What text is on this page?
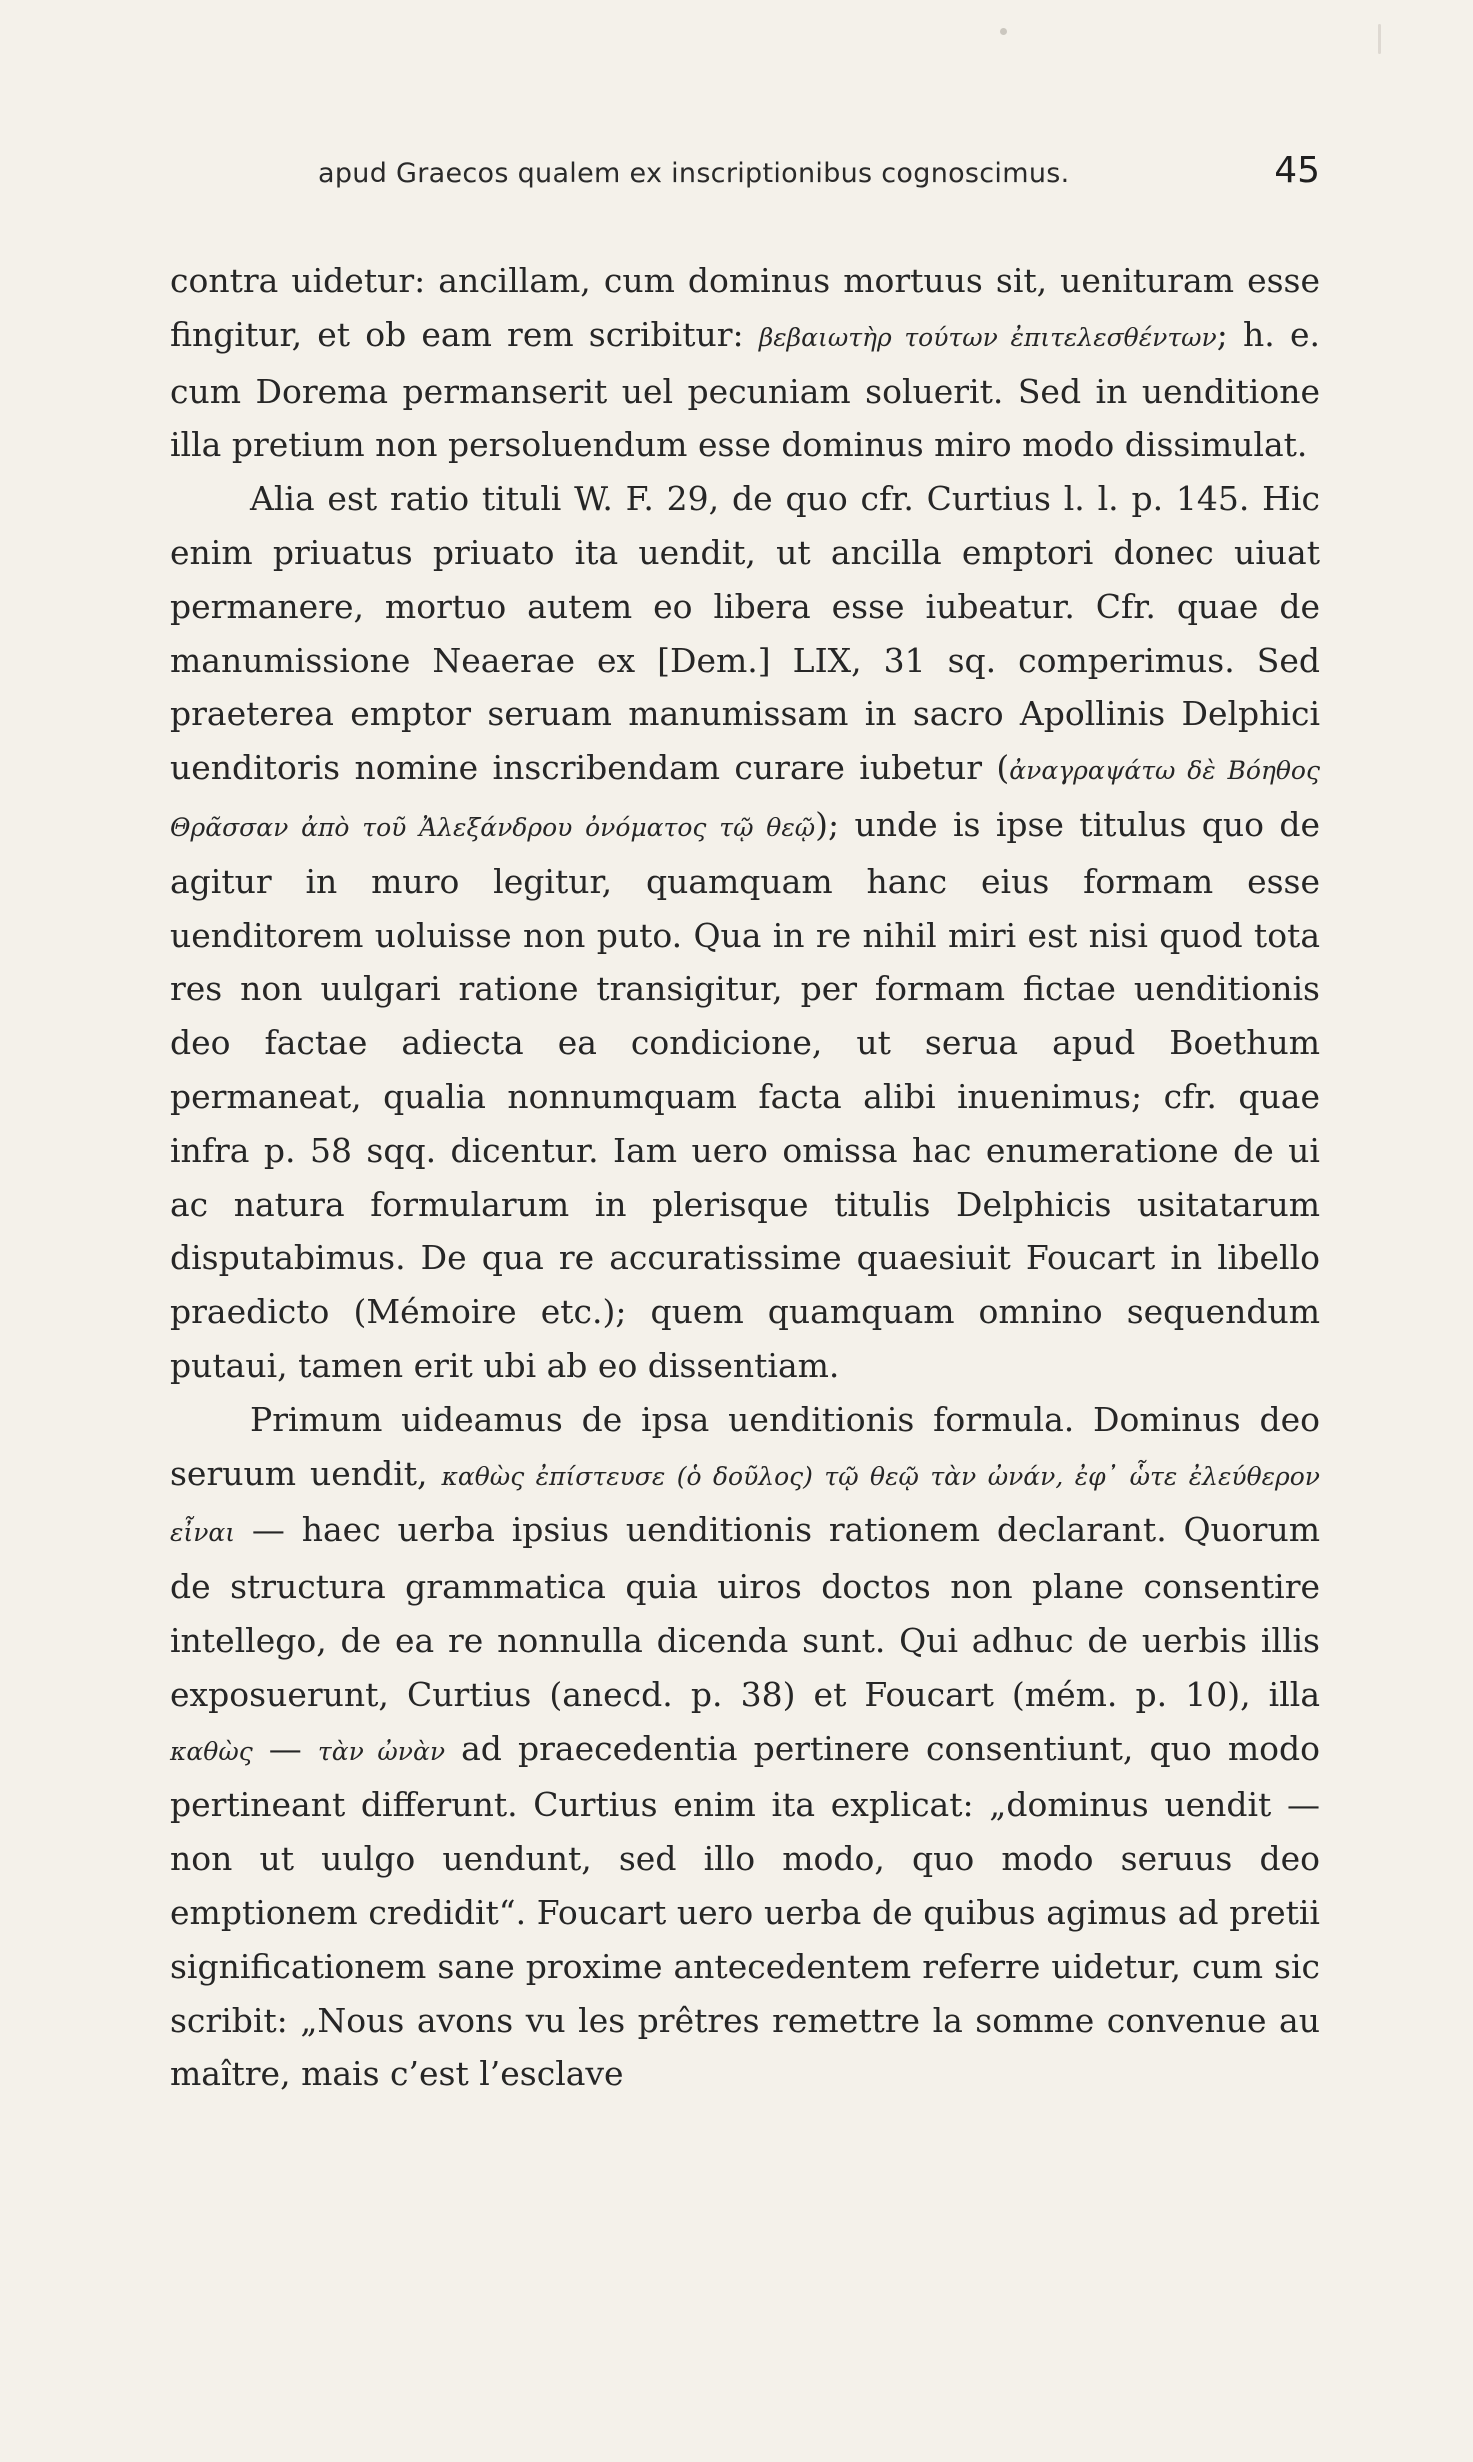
apud Graecos qualem ex inscriptionibus cognoscimus.	45

contra uidetur: ancillam, cum dominus mortuus sit, uenituram esse fingitur, et ob eam rem scribitur: βεβαιωτὴρ τούτων ἐπιτελεσθέντων; h. e. cum Dorema permanserit uel pecuniam soluerit. Sed in uenditione illa pretium non persoluendum esse dominus miro modo dissimulat.

Alia est ratio tituli W. F. 29, de quo cfr. Curtius l. l. p. 145. Hic enim priuatus priuato ita uendit, ut ancilla emptori donec uiuat permanere, mortuo autem eo libera esse iubeatur. Cfr. quae de manumissione Neaerae ex [Dem.] LIX, 31 sq. comperimus. Sed praeterea emptor seruam manumissam in sacro Apollinis Delphici uenditoris nomine inscribendam curare iubetur (ἀναγραψάτω δὲ Βόηθος Θρᾶσσαν ἀπὸ τοῦ Ἀλεξάνδρου ὀνόματος τῷ θεῷ); unde is ipse titulus quo de agitur in muro legitur, quamquam hanc eius formam esse uenditorem uoluisse non puto. Qua in re nihil miri est nisi quod tota res non uulgari ratione transigitur, per formam fictae uenditionis deo factae adiecta ea condicione, ut serua apud Boethum permaneat, qualia nonnumquam facta alibi inuenimus; cfr. quae infra p. 58 sqq. dicentur. Iam uero omissa hac enumeratione de ui ac natura formularum in plerisque titulis Delphicis usitatarum disputabimus. De qua re accuratissime quaesiuit Foucart in libello praedicto (Mémoire etc.); quem quamquam omnino sequendum putaui, tamen erit ubi ab eo dissentiam.

Primum uideamus de ipsa uenditionis formula. Dominus deo seruum uendit, καθὼς ἐπίστευσε (ὁ δοῦλος) τῷ θεῷ τὰν ὠνάν, ἐφ᾽ ὧτε ἐλεύθερον εἶναι — haec uerba ipsius uenditionis rationem declarant. Quorum de structura grammatica quia uiros doctos non plane consentire intellego, de ea re nonnulla dicenda sunt. Qui adhuc de uerbis illis exposuerunt, Curtius (anecd. p. 38) et Foucart (mém. p. 10), illa καθὼς — τὰν ὠνὰν ad praecedentia pertinere consentiunt, quo modo pertineant differunt. Curtius enim ita explicat: „dominus uendit — non ut uulgo uendunt, sed illo modo, quo modo seruus deo emptionem credidit“. Foucart uero uerba de quibus agimus ad pretii significationem sane proxime antecedentem referre uidetur, cum sic scribit: „Nous avons vu les prêtres remettre la somme convenue au maître, mais c’est l’esclave
